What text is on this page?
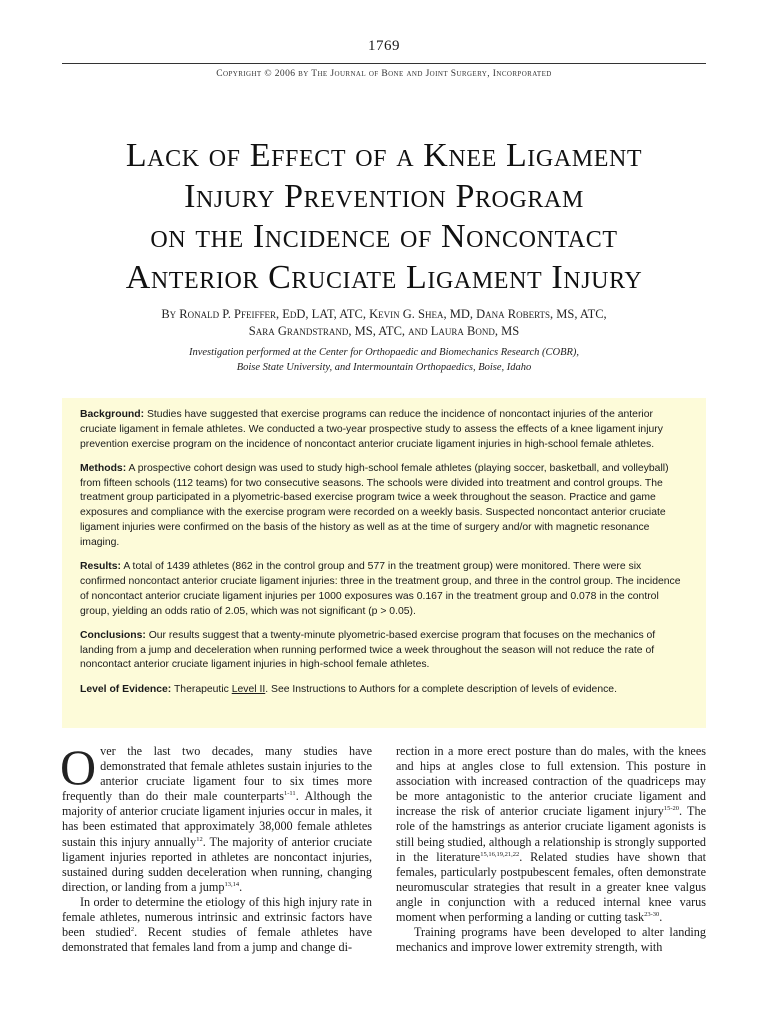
1769
Copyright © 2006 by The Journal of Bone and Joint Surgery, Incorporated
Lack of Effect of a Knee Ligament
Injury Prevention Program
on the Incidence of Noncontact
Anterior Cruciate Ligament Injury
By Ronald P. Pfeiffer, EdD, LAT, ATC, Kevin G. Shea, MD, Dana Roberts, MS, ATC,
Sara Grandstrand, MS, ATC, and Laura Bond, MS
Investigation performed at the Center for Orthopaedic and Biomechanics Research (COBR),
Boise State University, and Intermountain Orthopaedics, Boise, Idaho

Background: Studies have suggested that exercise programs can reduce the incidence of noncontact injuries of the anterior cruciate ligament in female athletes. We conducted a two-year prospective study to assess the effects of a knee ligament injury prevention exercise program on the incidence of noncontact anterior cruciate ligament injuries in high-school female athletes.

Methods: A prospective cohort design was used to study high-school female athletes (playing soccer, basketball, and volleyball) from fifteen schools (112 teams) for two consecutive seasons. The schools were divided into treatment and control groups. The treatment group participated in a plyometric-based exercise program twice a week throughout the season. Practice and game exposures and compliance with the exercise program were recorded on a weekly basis. Suspected noncontact anterior cruciate ligament injuries were confirmed on the basis of the history as well as at the time of surgery and/or with magnetic resonance imaging.

Results: A total of 1439 athletes (862 in the control group and 577 in the treatment group) were monitored. There were six confirmed noncontact anterior cruciate ligament injuries: three in the treatment group, and three in the control group. The incidence of noncontact anterior cruciate ligament injuries per 1000 exposures was 0.167 in the treatment group and 0.078 in the control group, yielding an odds ratio of 2.05, which was not significant (p > 0.05).

Conclusions: Our results suggest that a twenty-minute plyometric-based exercise program that focuses on the mechanics of landing from a jump and deceleration when running performed twice a week throughout the season will not reduce the rate of noncontact anterior cruciate ligament injuries in high-school female athletes.

Level of Evidence: Therapeutic Level II. See Instructions to Authors for a complete description of levels of evidence.

Over the last two decades, many studies have demonstrated that female athletes sustain injuries to the anterior cruciate ligament four to six times more frequently than do their male counterparts$^{1-11}$. Although the majority of anterior cruciate ligament injuries occur in males, it has been estimated that approximately 38,000 female athletes sustain this injury annually$^{12}$. The majority of anterior cruciate ligament injuries reported in athletes are noncontact injuries, sustained during sudden deceleration when running, changing direction, or landing from a jump$^{13,14}$.

In order to determine the etiology of this high injury rate in female athletes, numerous intrinsic and extrinsic factors have been studied$^2$. Recent studies of female athletes have demonstrated that females land from a jump and change di-

rection in a more erect posture than do males, with the knees and hips at angles close to full extension. This posture in association with increased contraction of the quadriceps may be more antagonistic to the anterior cruciate ligament and increase the risk of anterior cruciate ligament injury$^{15-20}$. The role of the hamstrings as anterior cruciate ligament agonists is still being studied, although a relationship is strongly supported in the literature$^{15,16,19,21,22}$. Related studies have shown that females, particularly postpubescent females, often demonstrate neuromuscular strategies that result in a greater knee valgus angle in conjunction with a reduced internal knee varus moment when performing a landing or cutting task$^{23-30}$.

Training programs have been developed to alter landing mechanics and improve lower extremity strength, with
